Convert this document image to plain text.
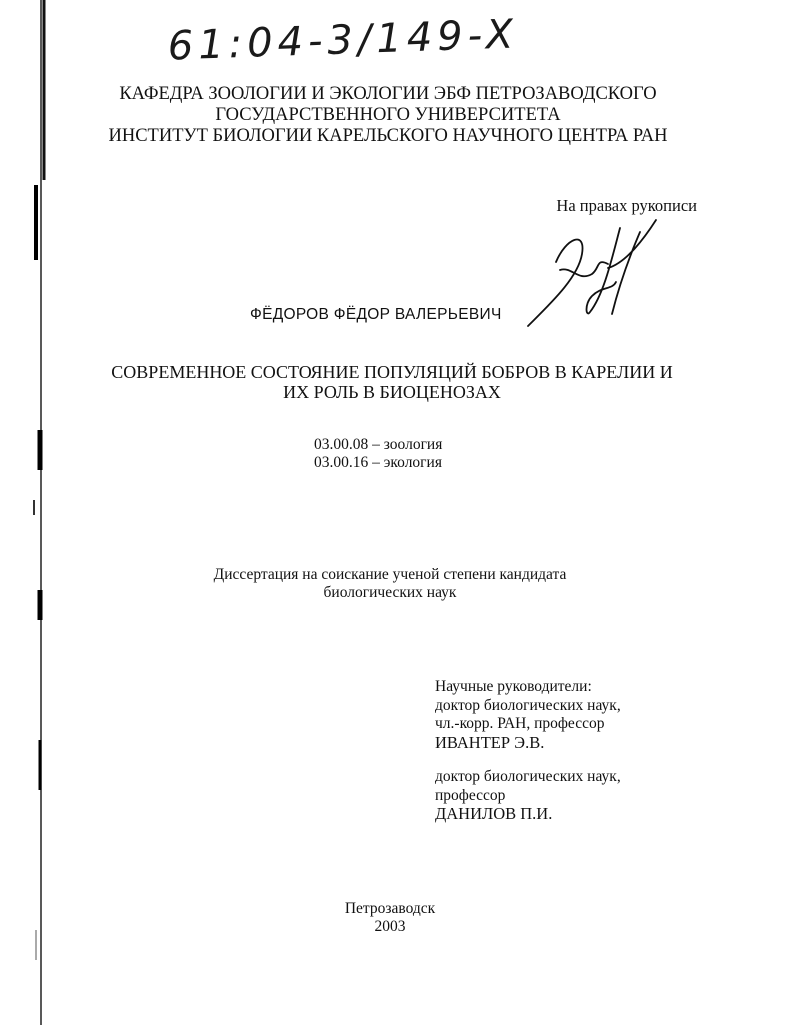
61:04-3/149-X
КАФЕДРА ЗООЛОГИИ И ЭКОЛОГИИ ЭБФ ПЕТРОЗАВОДСКОГО
ГОСУДАРСТВЕННОГО УНИВЕРСИТЕТА
ИНСТИТУТ БИОЛОГИИ КАРЕЛЬСКОГО НАУЧНОГО ЦЕНТРА РАН
На правах рукописи
ФЁДОРОВ ФЁДОР ВАЛЕРЬЕВИЧ
СОВРЕМЕННОЕ СОСТОЯНИЕ ПОПУЛЯЦИЙ БОБРОВ В КАРЕЛИИ И
ИХ РОЛЬ В БИОЦЕНОЗАХ
03.00.08 – зоология
03.00.16 – экология
Диссертация на соискание ученой степени кандидата
биологических наук
Научные руководители:
доктор биологических наук,
чл.-корр. РАН, профессор
ИВАНТЕР Э.В.
доктор биологических наук,
профессор
ДАНИЛОВ П.И.
Петрозаводск
2003
